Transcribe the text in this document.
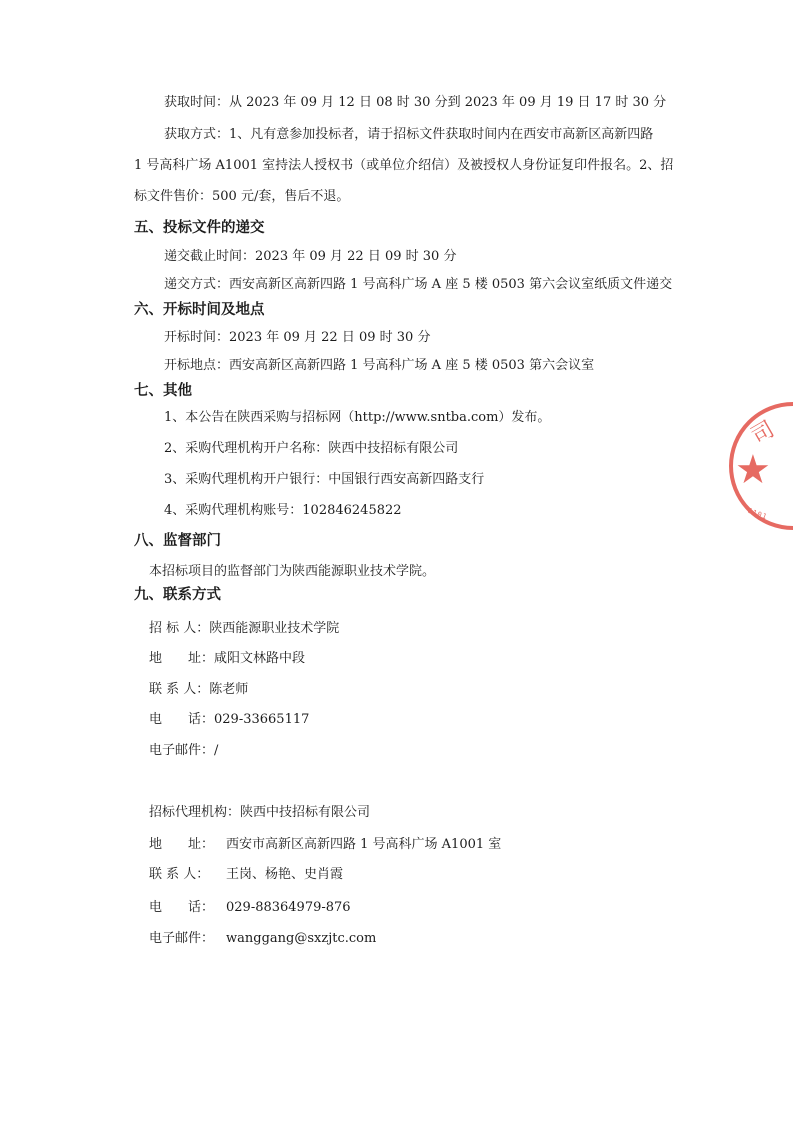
获取时间：从 2023 年 09 月 12 日 08 时 30 分到 2023 年 09 月 19 日 17 时 30 分
获取方式：1、凡有意参加投标者，请于招标文件获取时间内在西安市高新区高新四路
1 号高科广场 A1001 室持法人授权书（或单位介绍信）及被授权人身份证复印件报名。2、招
标文件售价：500 元/套，售后不退。
五、投标文件的递交
递交截止时间：2023 年 09 月 22 日 09 时 30 分
递交方式：西安高新区高新四路 1 号高科广场 A 座 5 楼 0503 第六会议室纸质文件递交
六、开标时间及地点
开标时间：2023 年 09 月 22 日 09 时 30 分
开标地点：西安高新区高新四路 1 号高科广场 A 座 5 楼 0503 第六会议室
七、其他
1、本公告在陕西采购与招标网（http://www.sntba.com）发布。
2、采购代理机构开户名称：陕西中技招标有限公司
3、采购代理机构开户银行：中国银行西安高新四路支行
4、采购代理机构账号：102846245822
八、监督部门
本招标项目的监督部门为陕西能源职业技术学院。
九、联系方式
招 标 人：陕西能源职业技术学院
地　　址：咸阳文林路中段
联 系 人：陈老师
电　　话：029-33665117
电子邮件：/
招标代理机构：陕西中技招标有限公司
地　　址： 西安市高新区高新四路 1 号高科广场 A1001 室
联 系 人： 王岗、杨艳、史肖霞
电　　话： 029-88364979-876
电子邮件： wanggang@sxzjtc.com
司
★
6101
